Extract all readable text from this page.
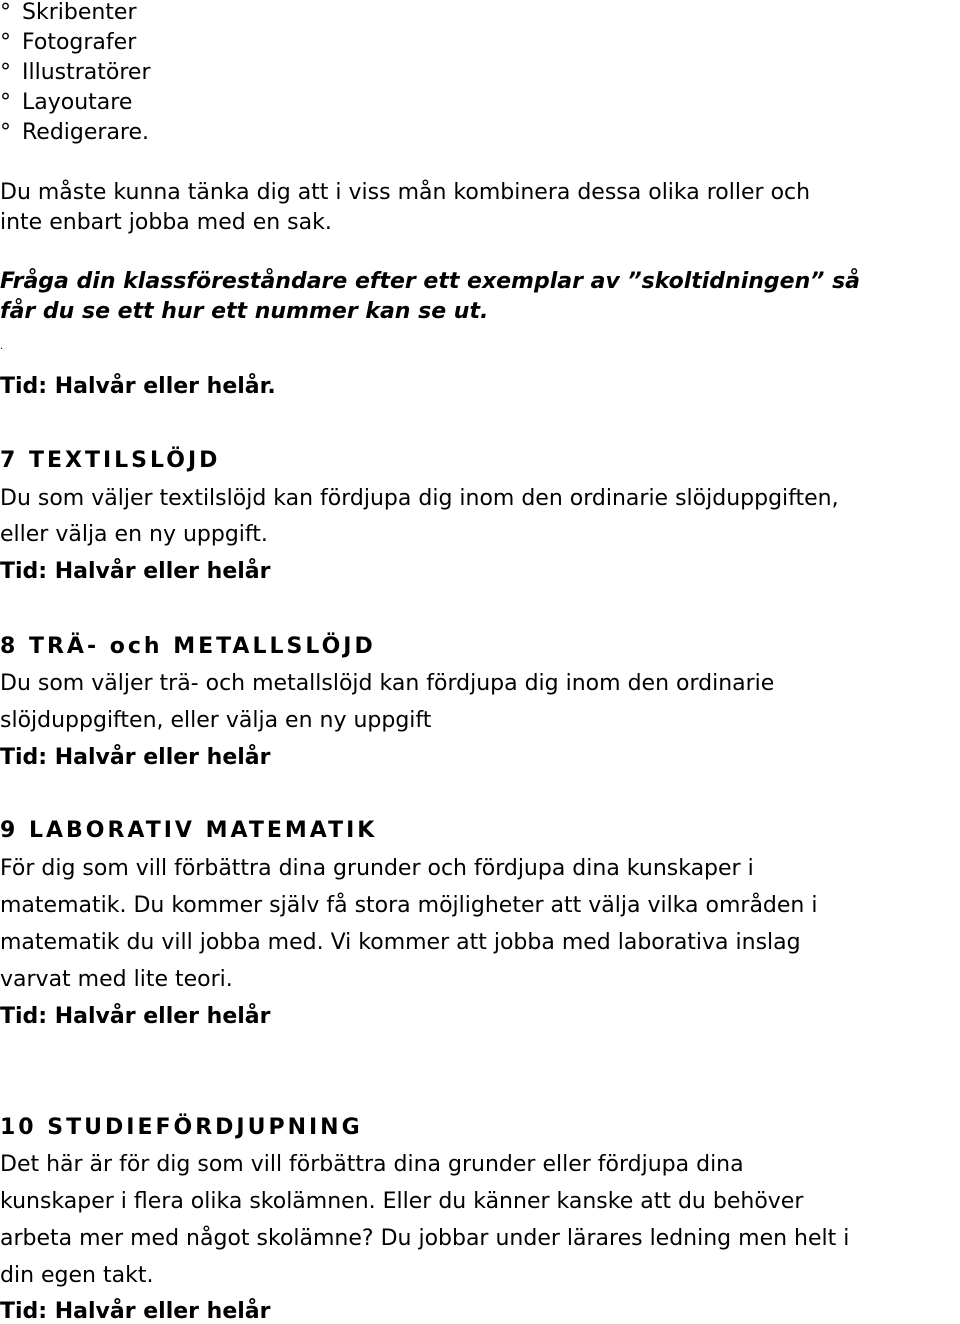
° Skribenter
° Fotografer
° Illustratörer
° Layoutare
° Redigerare.
Du måste kunna tänka dig att i viss mån kombinera dessa olika roller och
inte enbart jobba med en sak.
Fråga din klassföreståndare efter ett exemplar av ”skoltidningen” så
får du se ett hur ett nummer kan se ut.
.
Tid: Halvår eller helår.
7 TEXTILSLÖJD
Du som väljer textilslöjd kan fördjupa dig inom den ordinarie slöjduppgiften,
eller välja en ny uppgift.
Tid: Halvår eller helår
8 TRÄ- och METALLSLÖJD
Du som väljer trä- och metallslöjd kan fördjupa dig inom den ordinarie
slöjduppgiften, eller välja en ny uppgift
Tid: Halvår eller helår
9 LABORATIV MATEMATIK
För dig som vill förbättra dina grunder och fördjupa dina kunskaper i
matematik. Du kommer själv få stora möjligheter att välja vilka områden i
matematik du vill jobba med. Vi kommer att jobba med laborativa inslag
varvat med lite teori.
Tid: Halvår eller helår
10 STUDIEFÖRDJUPNING
Det här är för dig som vill förbättra dina grunder eller fördjupa dina
kunskaper i flera olika skolämnen. Eller du känner kanske att du behöver
arbeta mer med något skolämne? Du jobbar under lärares ledning men helt i
din egen takt.
Tid: Halvår eller helår
